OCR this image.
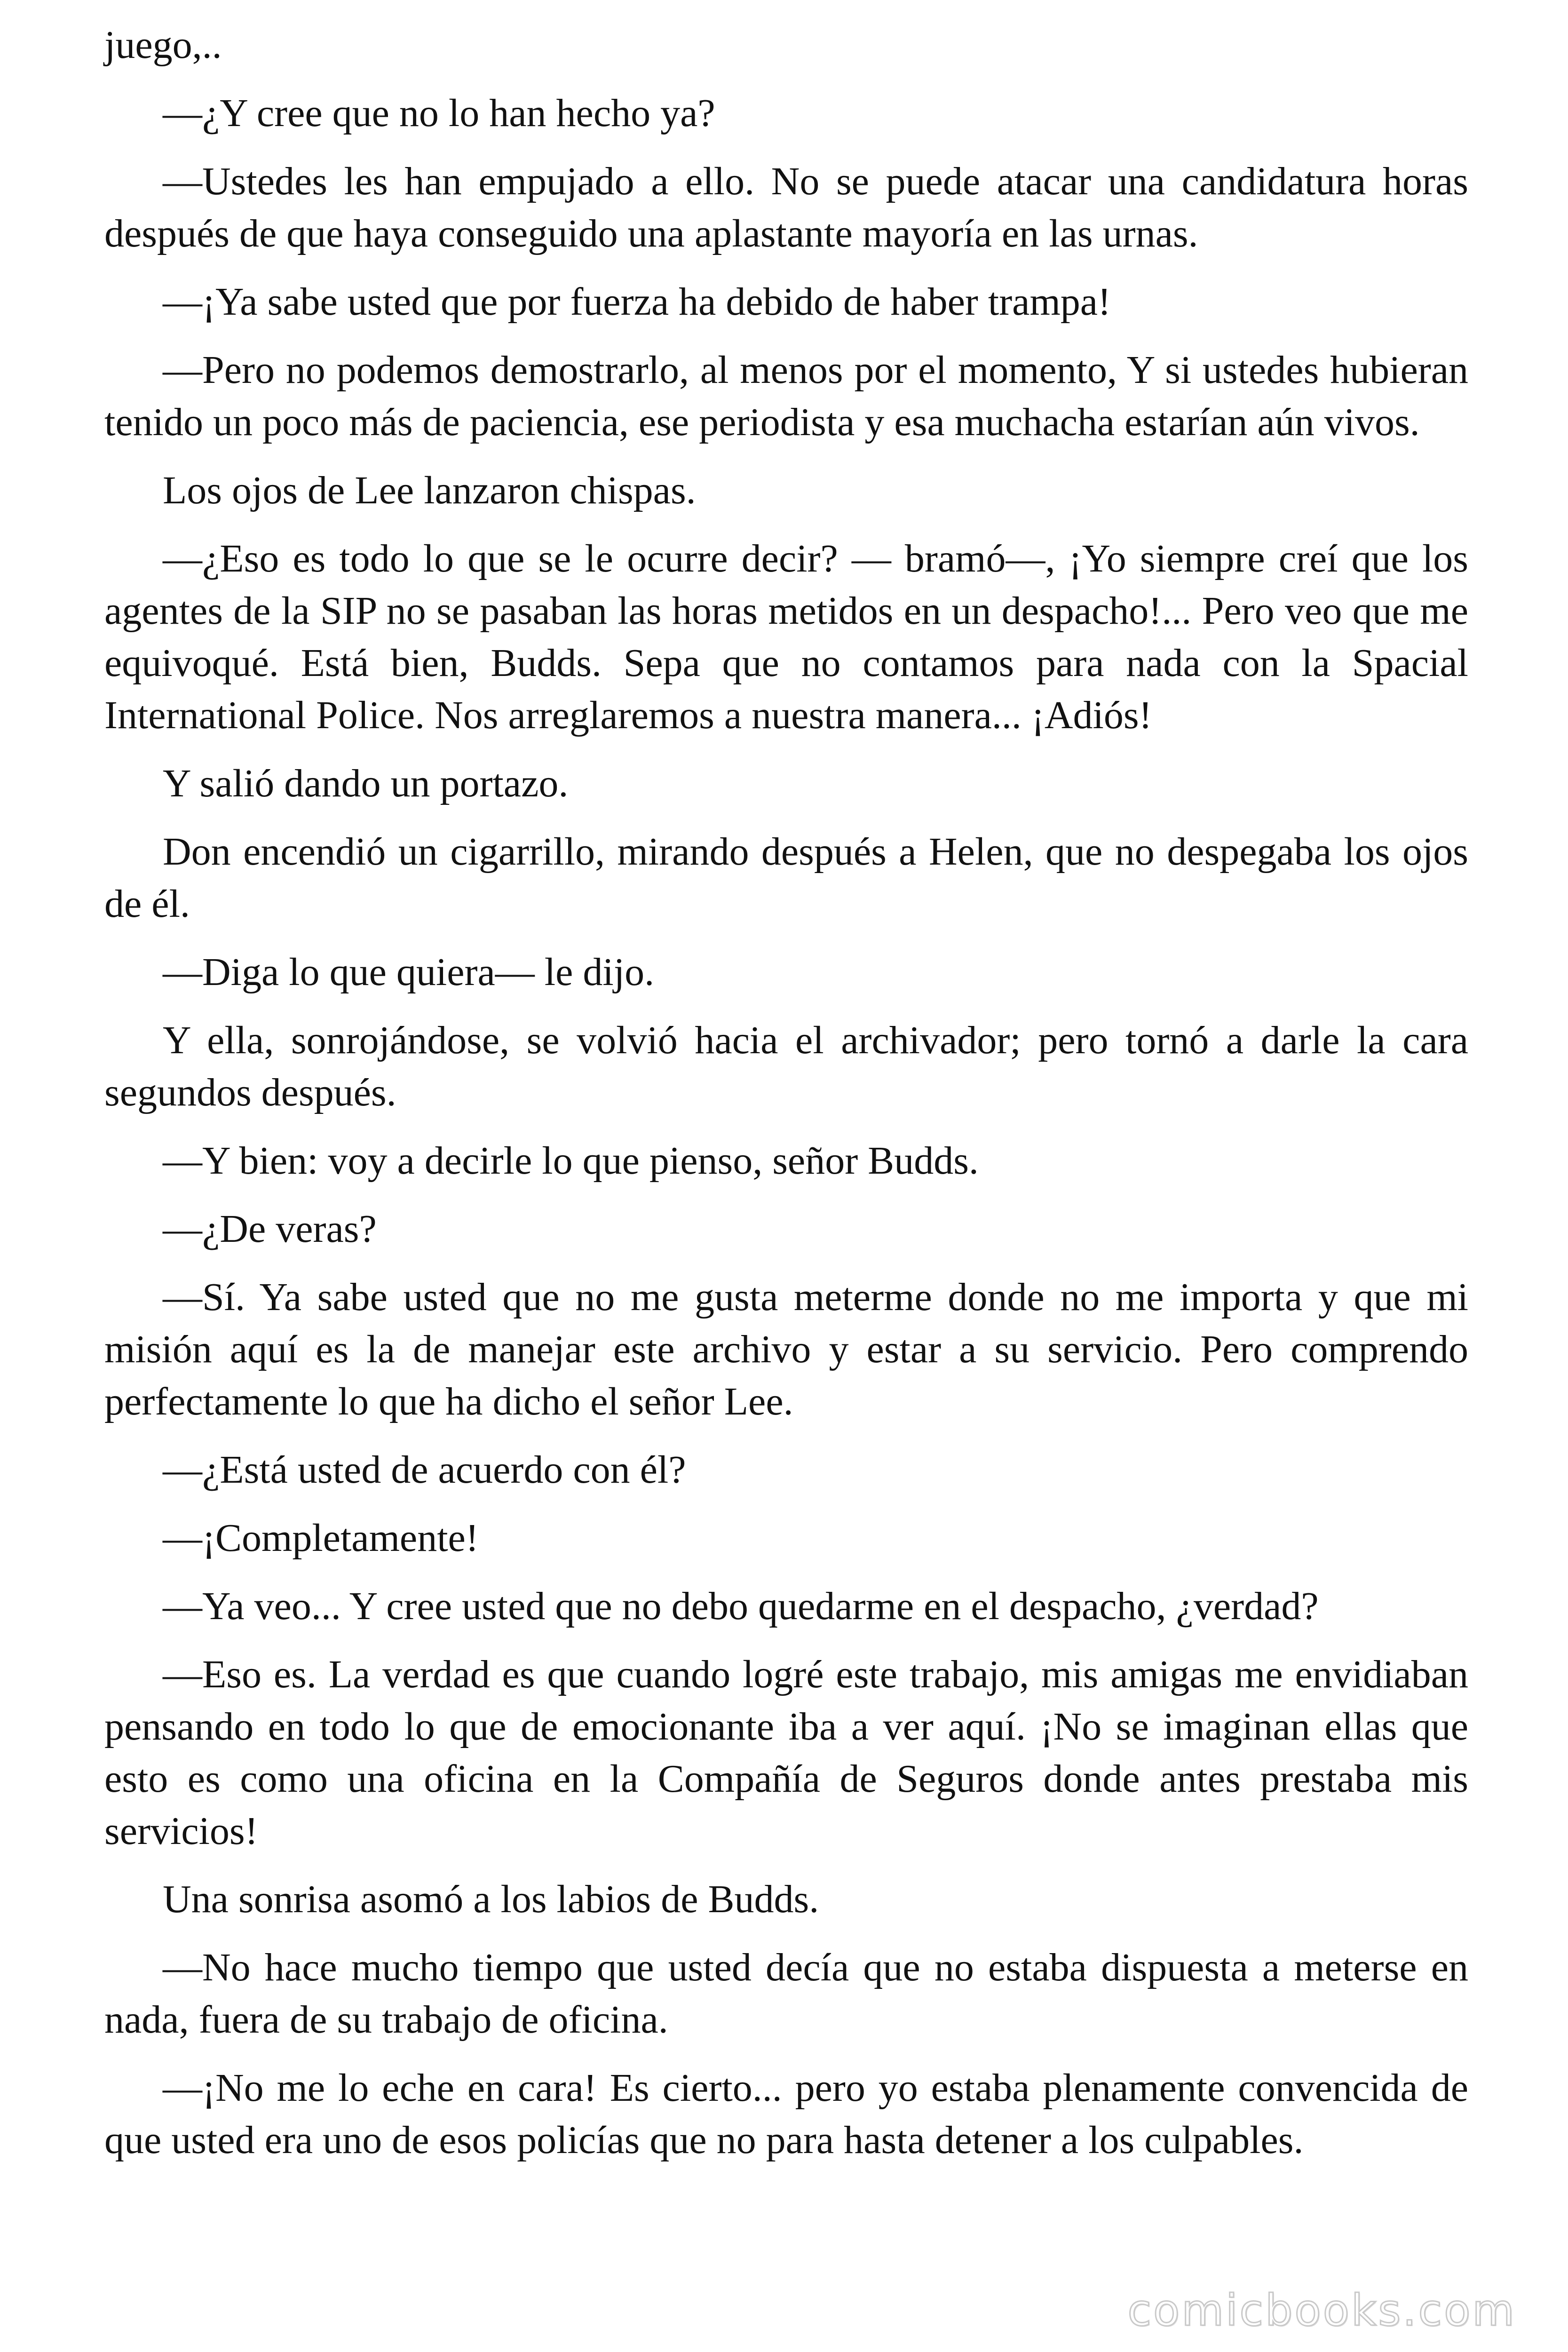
juego,..

—¿Y cree que no lo han hecho ya?

—Ustedes les han empujado a ello. No se puede atacar una candidatura horas después de que haya conseguido una aplastante mayoría en las urnas.

—¡Ya sabe usted que por fuerza ha debido de haber trampa!

—Pero no podemos demostrarlo, al menos por el momento, Y si ustedes hubieran tenido un poco más de paciencia, ese periodista y esa muchacha estarían aún vivos.

Los ojos de Lee lanzaron chispas.

—¿Eso es todo lo que se le ocurre decir? — bramó—, ¡Yo siempre creí que los agentes de la SIP no se pasaban las horas metidos en un despacho!... Pero veo que me equivoqué. Está bien, Budds. Sepa que no contamos para nada con la Spacial International Police. Nos arreglaremos a nuestra manera... ¡Adiós!

Y salió dando un portazo.

Don encendió un cigarrillo, mirando después a Helen, que no despegaba los ojos de él.

—Diga lo que quiera— le dijo.

Y ella, sonrojándose, se volvió hacia el archivador; pero tornó a darle la cara segundos después.

—Y bien: voy a decirle lo que pienso, señor Budds.

—¿De veras?

—Sí. Ya sabe usted que no me gusta meterme donde no me importa y que mi misión aquí es la de manejar este archivo y estar a su servicio. Pero comprendo perfectamente lo que ha dicho el señor Lee.

—¿Está usted de acuerdo con él?

—¡Completamente!

—Ya veo... Y cree usted que no debo quedarme en el despacho, ¿verdad?

—Eso es. La verdad es que cuando logré este trabajo, mis amigas me envidiaban pensando en todo lo que de emocionante iba a ver aquí. ¡No se imaginan ellas que esto es como una oficina en la Compañía de Seguros donde antes prestaba mis servicios!

Una sonrisa asomó a los labios de Budds.

—No hace mucho tiempo que usted decía que no estaba dispuesta a meterse en nada, fuera de su trabajo de oficina.

—¡No me lo eche en cara! Es cierto... pero yo estaba plenamente convencida de que usted era uno de esos policías que no para hasta detener a los culpables.

comicbooks.com
